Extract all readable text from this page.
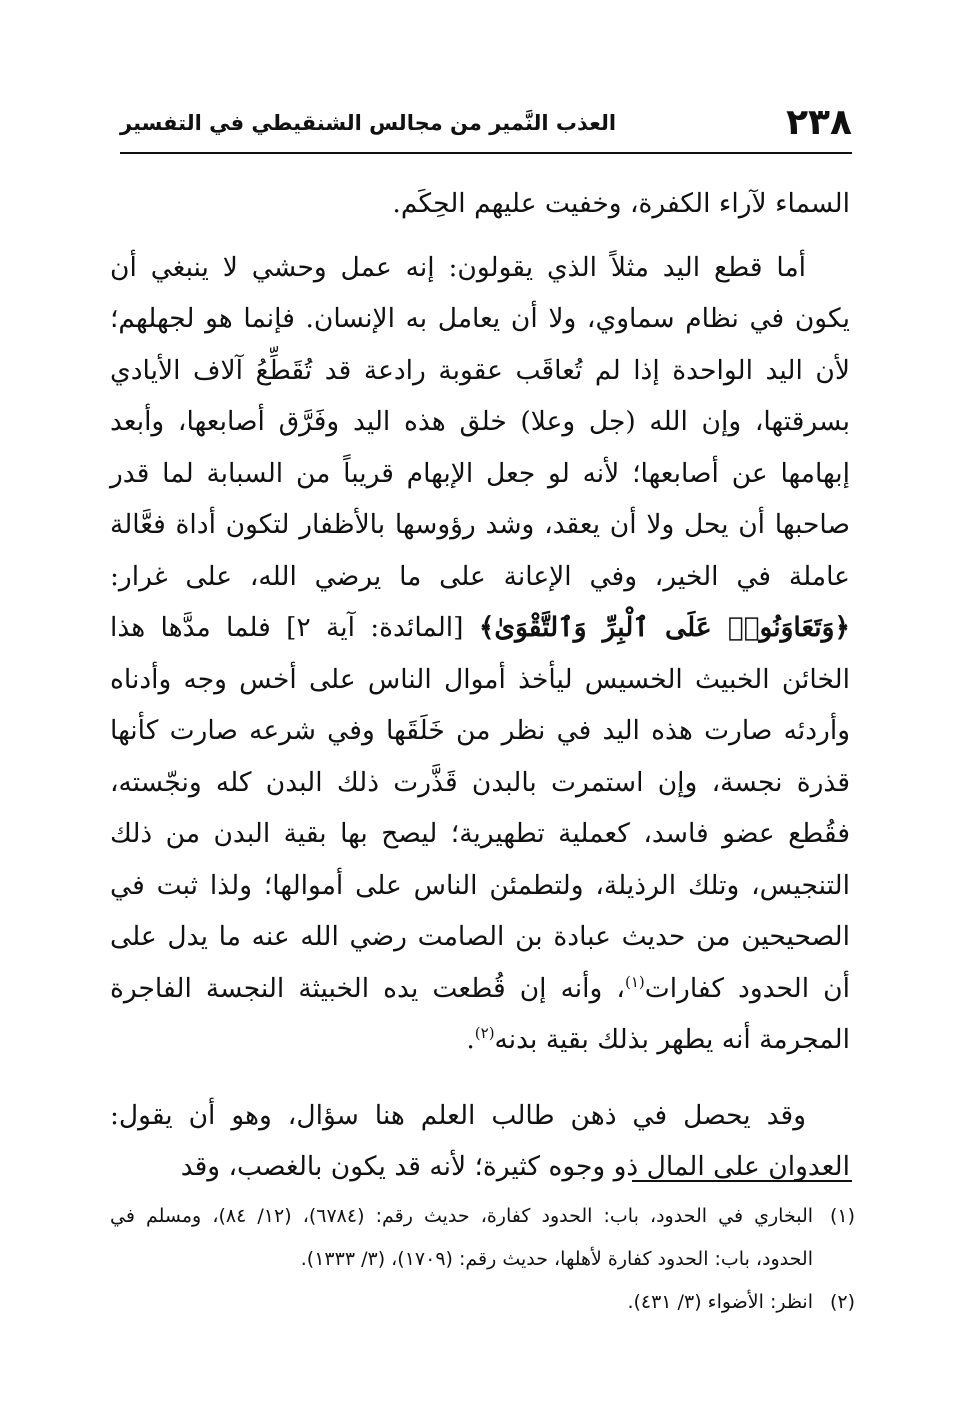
٢٣٨
العذب النَّمير من مجالس الشنقيطي في التفسير

السماء لآراء الكفرة، وخفيت عليهم الحِكَم.

أما قطع اليد مثلاً الذي يقولون: إنه عمل وحشي لا ينبغي أن يكون في نظام سماوي، ولا أن يعامل به الإنسان. فإنما هو لجهلهم؛ لأن اليد الواحدة إذا لم تُعاقَب عقوبة رادعة قد تُقَطِّعُ آلاف الأيادي بسرقتها، وإن الله (جل وعلا) خلق هذه اليد وفَرَّق أصابعها، وأبعد إبهامها عن أصابعها؛ لأنه لو جعل الإبهام قريباً من السبابة لما قدر صاحبها أن يحل ولا أن يعقد، وشد رؤوسها بالأظفار لتكون أداة فعَّالة عاملة في الخير، وفي الإعانة على ما يرضي الله، على غرار: ﴿وَتَعَاوَنُوا۟ عَلَى ٱلْبِرِّ وَٱلتَّقْوَىٰ﴾ [المائدة: آية ٢] فلما مدَّها هذا الخائن الخبيث الخسيس ليأخذ أموال الناس على أخس وجه وأدناه وأردئه صارت هذه اليد في نظر من خَلَقَها وفي شرعه صارت كأنها قذرة نجسة، وإن استمرت بالبدن قَذَّرت ذلك البدن كله ونجّسته، فقُطع عضو فاسد، كعملية تطهيرية؛ ليصح بها بقية البدن من ذلك التنجيس، وتلك الرذيلة، ولتطمئن الناس على أموالها؛ ولذا ثبت في الصحيحين من حديث عبادة بن الصامت رضي الله عنه ما يدل على أن الحدود كفارات$^{(١)}$، وأنه إن قُطعت يده الخبيثة النجسة الفاجرة المجرمة أنه يطهر بذلك بقية بدنه$^{(٢)}$.

وقد يحصل في ذهن طالب العلم هنا سؤال، وهو أن يقول: العدوان على المال ذو وجوه كثيرة؛ لأنه قد يكون بالغصب، وقد

(١)
البخاري في الحدود، باب: الحدود كفارة، حديث رقم: (٦٧٨٤)، (١٢/ ٨٤)، ومسلم في الحدود، باب: الحدود كفارة لأهلها، حديث رقم: (١٧٠٩)، (٣/ ١٣٣٣).
(٢)
انظر: الأضواء (٣/ ٤٣١).
